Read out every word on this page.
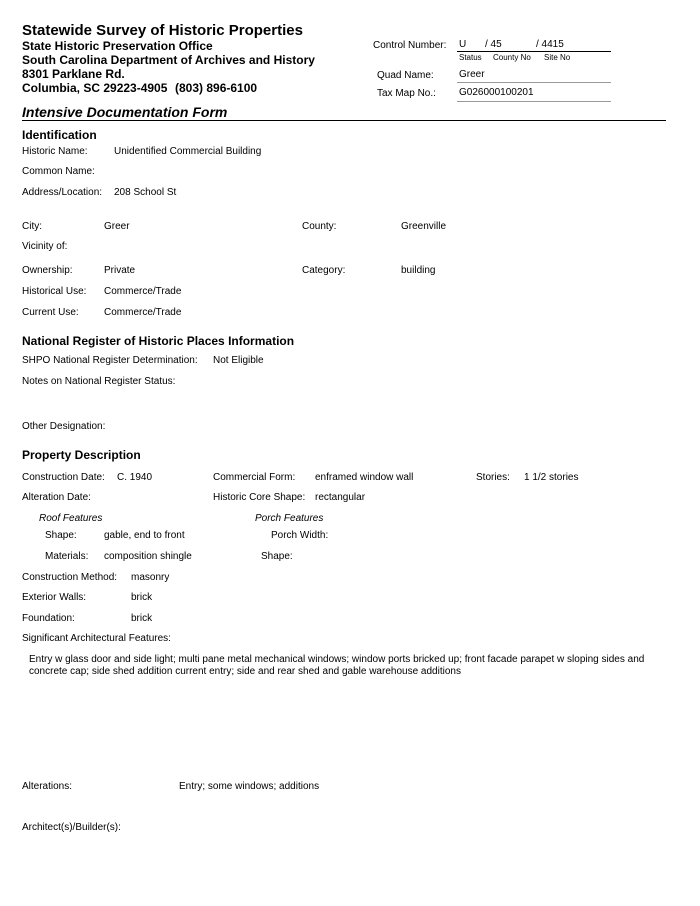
Statewide Survey of Historic Properties
State Historic Preservation Office
South Carolina Department of Archives and History
8301 Parklane Rd.
Columbia, SC 29223-4905 (803) 896-6100
Control Number: U / 45	/ 4415
Status County No Site No
Quad Name:	Greer
Tax Map No.: G026000100201
Intensive Documentation Form
Identification
Historic Name:	Unidentified Commercial Building
Common Name:
Address/Location: 208 School St
City:	Greer	County:	Greenville
Vicinity of:
Ownership:	Private	Category:	building
Historical Use: Commerce/Trade
Current Use:	Commerce/Trade
National Register of Historic Places Information
SHPO National Register Determination: Not Eligible
Notes on National Register Status:
Other Designation:
Property Description
Construction Date: C. 1940	Commercial Form: enframed window wall	Stories: 1 1/2 stories
Alteration Date:	Historic Core Shape: rectangular
Roof Features	Porch Features
Shape:	gable, end to front	Porch Width:
Materials: composition shingle	Shape:
Construction Method: masonry
Exterior Walls:	brick
Foundation:	brick
Significant Architectural Features:
Entry w glass door and side light; multi pane metal mechanical windows; window ports bricked up; front facade parapet w sloping sides and concrete cap; side shed addition current entry; side and rear shed and gable warehouse additions
Alterations:	Entry; some windows; additions
Architect(s)/Builder(s):
